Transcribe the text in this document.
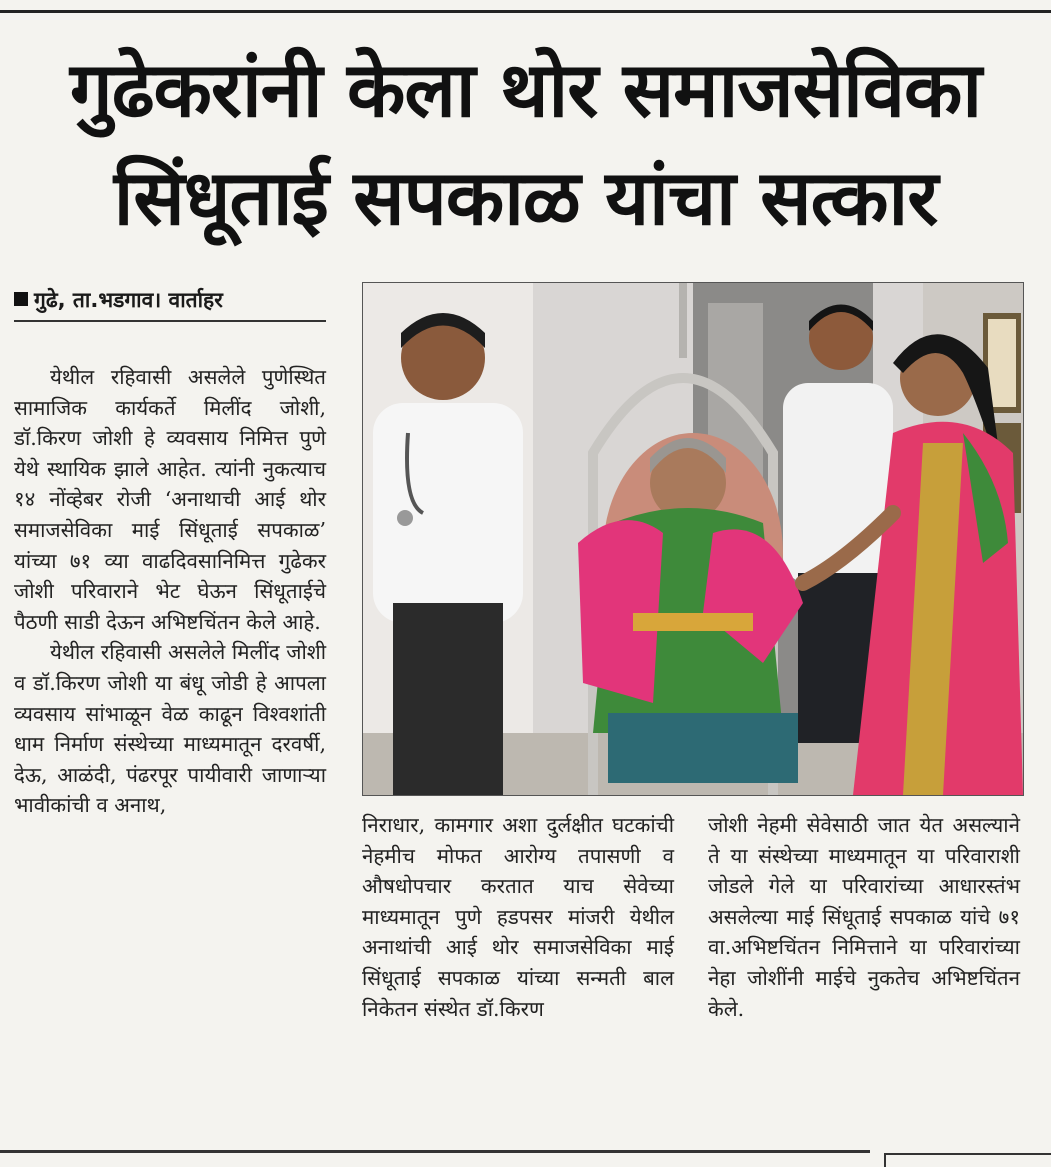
गुढेकरांनी केला थोर समाजसेविका
सिंधूताई सपकाळ यांचा सत्कार
गुढे, ता.भडगाव। वार्ताहर

येथील रहिवासी असलेले पुणेस्थित सामाजिक कार्यकर्ते मिलींद जोशी, डॉ.किरण जोशी हे व्यवसाय निमित्त पुणे येथे स्थायिक झाले आहेत. त्यांनी नुकत्याच १४ नोंव्हेबर रोजी ‘अनाथाची आई थोर समाजसेविका माई सिंधूताई सपकाळ’ यांच्या ७१ व्या वाढदिवसानिमित्त गुढेकर जोशी परिवाराने भेट घेऊन सिंधूताईचे पैठणी साडी देऊन अभिष्टचिंतन केले आहे.

येथील रहिवासी असलेले मिलींद जोशी व डॉ.किरण जोशी या बंधू जोडी हे आपला व्यवसाय सांभाळून वेळ काढून विश्वशांती धाम निर्माण संस्थेच्या माध्यमातून दरवर्षी, देऊ, आळंदी, पंढरपूर पायीवारी जाणाऱ्या भावीकांची व अनाथ,

निराधार, कामगार अशा दुर्लक्षीत घटकांची नेहमीच मोफत आरोग्य तपासणी व औषधोपचार करतात याच सेवेच्या माध्यमातून पुणे हडपसर मांजरी येथील अनाथांची आई थोर समाजसेविका माई सिंधूताई सपकाळ यांच्या सन्मती बाल निकेतन संस्थेत डॉ.किरण

जोशी नेहमी सेवेसाठी जात येत असल्याने ते या संस्थेच्या माध्यमातून या परिवाराशी जोडले गेले या परिवारांच्या आधारस्तंभ असलेल्या माई सिंधूताई सपकाळ यांचे ७१ वा.अभिष्टचिंतन निमित्ताने या परिवारांच्या नेहा जोशींनी माईचे नुकतेच अभिष्टचिंतन केले.
